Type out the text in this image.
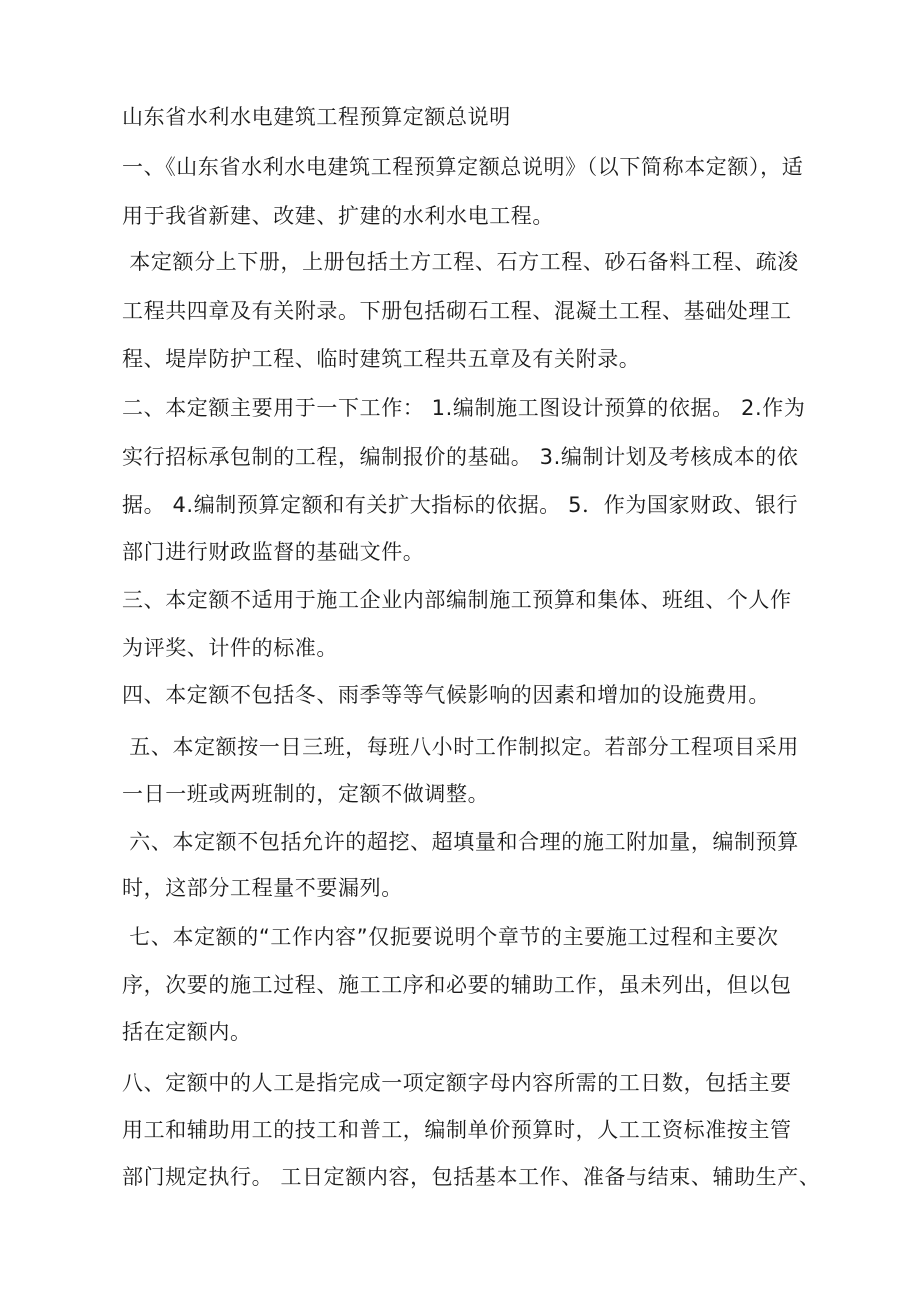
山东省水利水电建筑工程预算定额总说明
一、《山东省水利水电建筑工程预算定额总说明》（以下简称本定额），适
用于我省新建、改建、扩建的水利水电工程。
本定额分上下册，上册包括土方工程、石方工程、砂石备料工程、疏浚
工程共四章及有关附录。下册包括砌石工程、混凝土工程、基础处理工
程、堤岸防护工程、临时建筑工程共五章及有关附录。
二、本定额主要用于一下工作： 1.编制施工图设计预算的依据。 2.作为
实行招标承包制的工程，编制报价的基础。 3.编制计划及考核成本的依
据。 4.编制预算定额和有关扩大指标的依据。 5．作为国家财政、银行
部门进行财政监督的基础文件。
三、本定额不适用于施工企业内部编制施工预算和集体、班组、个人作
为评奖、计件的标准。
四、本定额不包括冬、雨季等等气候影响的因素和增加的设施费用。
五、本定额按一日三班，每班八小时工作制拟定。若部分工程项目采用
一日一班或两班制的，定额不做调整。
六、本定额不包括允许的超挖、超填量和合理的施工附加量，编制预算
时，这部分工程量不要漏列。
七、本定额的“工作内容”仅扼要说明个章节的主要施工过程和主要次
序，次要的施工过程、施工工序和必要的辅助工作，虽未列出，但以包
括在定额内。
八、定额中的人工是指完成一项定额字母内容所需的工日数，包括主要
用工和辅助用工的技工和普工，编制单价预算时，人工工资标准按主管
部门规定执行。 工日定额内容，包括基本工作、准备与结束、辅助生产、
